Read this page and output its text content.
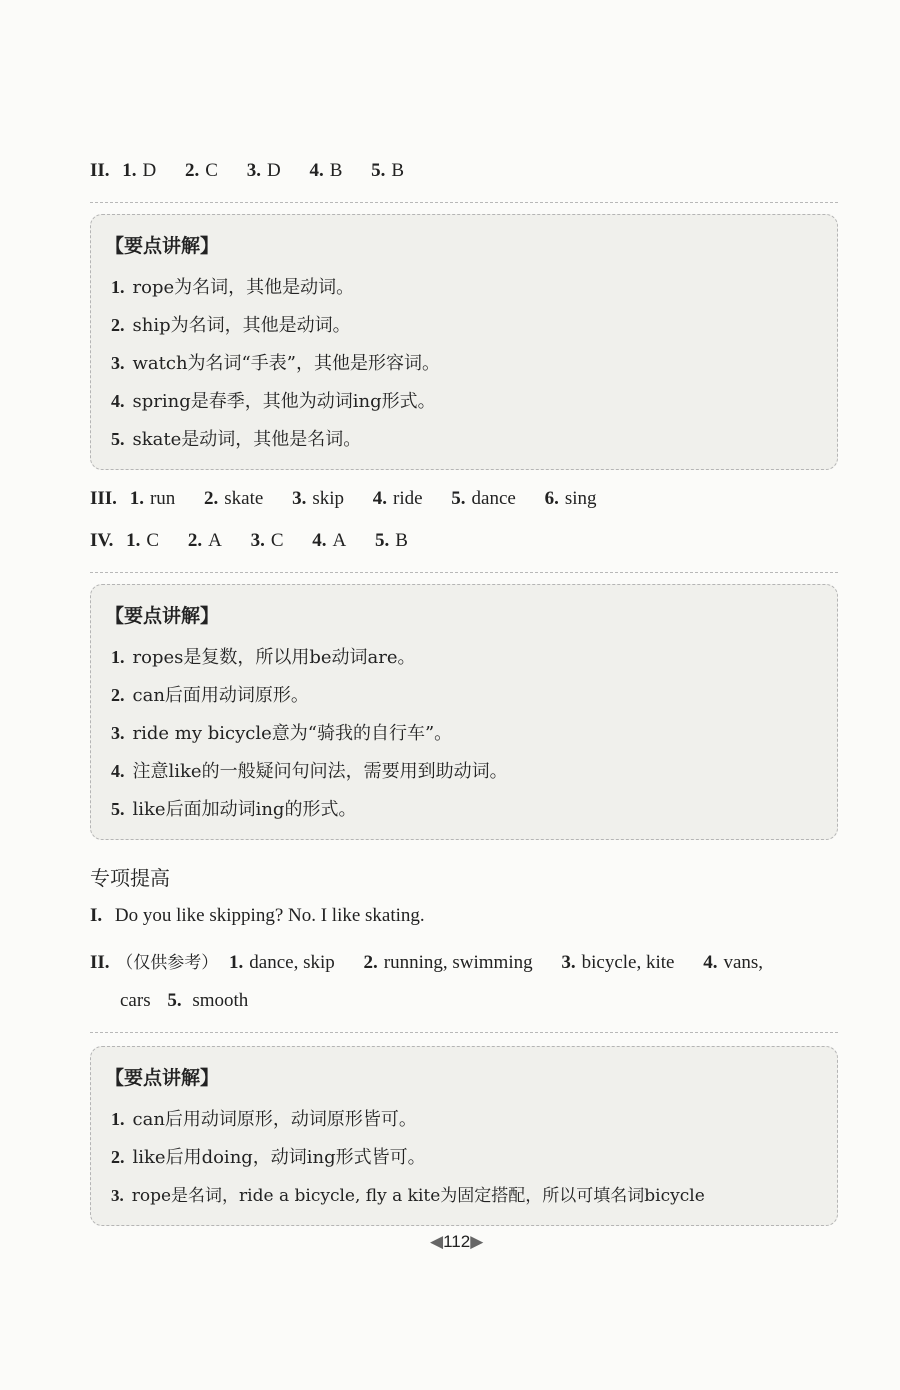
II. 1. D 2. C 3. D 4. B 5. B
【要点讲解】
1. rope为名词，其他是动词。
2. ship为名词，其他是动词。
3. watch为名词“手表”，其他是形容词。
4. spring是春季，其他为动词ing形式。
5. skate是动词，其他是名词。
III. 1. run 2. skate 3. skip 4. ride 5. dance 6. sing
IV. 1. C 2. A 3. C 4. A 5. B
【要点讲解】
1. ropes是复数，所以用be动词are。
2. can后面用动词原形。
3. ride my bicycle意为“骑我的自行车”。
4. 注意like的一般疑问句问法，需要用到助动词。
5. like后面加动词ing的形式。
专项提高
I. Do you like skipping? No. I like skating.
II. （仅供参考） 1. dance, skip 2. running, swimming 3. bicycle, kite 4. vans,
cars 5. smooth
【要点讲解】
1. can后用动词原形，动词原形皆可。
2. like后用doing，动词ing形式皆可。
3. rope是名词，ride a bicycle, fly a kite为固定搭配，所以可填名词bicycle
◀112▶
